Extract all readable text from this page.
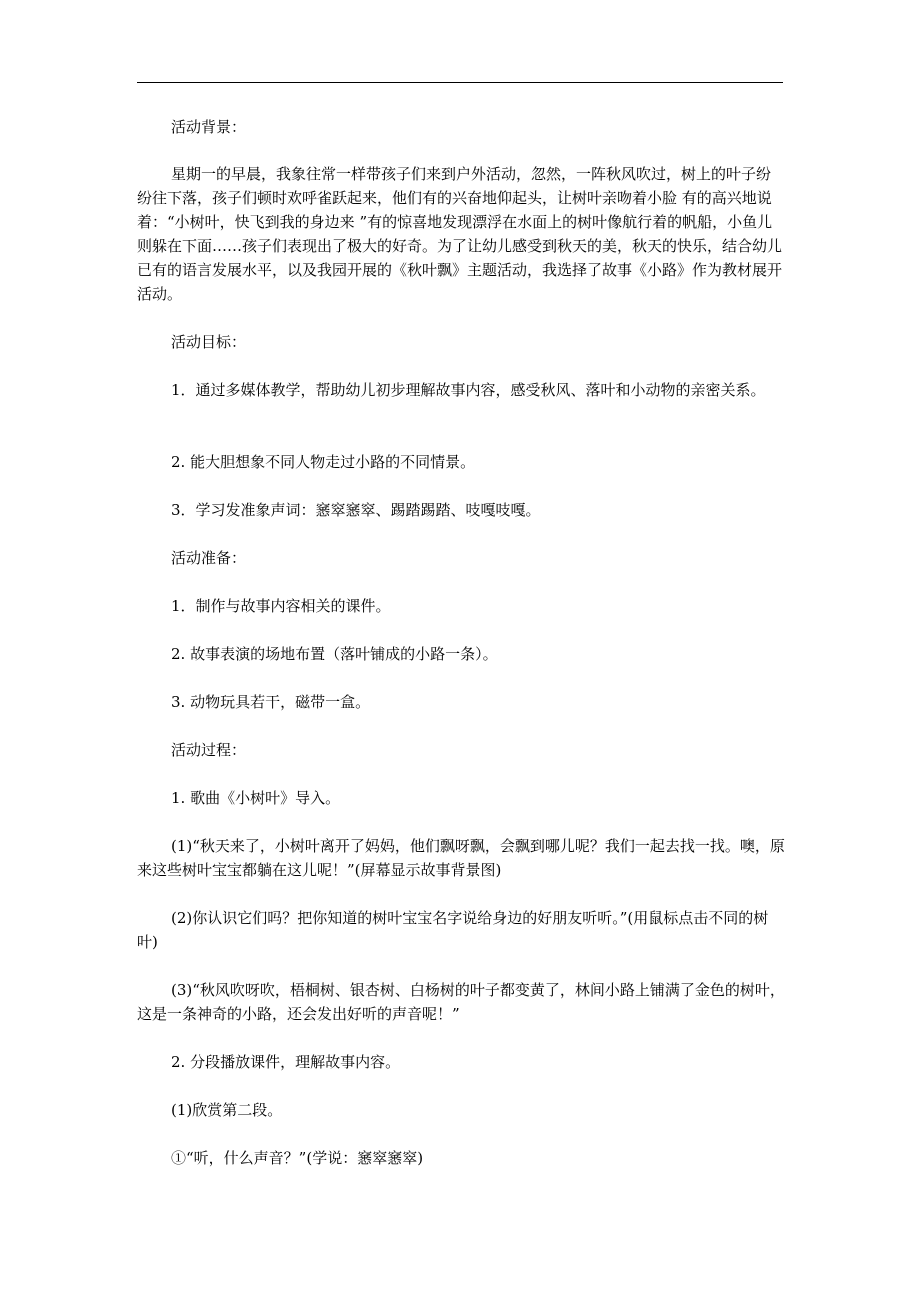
活动背景：

星期一的早晨，我象往常一样带孩子们来到户外活动，忽然，一阵秋风吹过，树上的叶子纷纷往下落，孩子们顿时欢呼雀跃起来，他们有的兴奋地仰起头，让树叶亲吻着小脸 有的高兴地说着：“小树叶，快飞到我的身边来 ”有的惊喜地发现漂浮在水面上的树叶像航行着的帆船，小鱼儿则躲在下面……孩子们表现出了极大的好奇。为了让幼儿感受到秋天的美，秋天的快乐，结合幼儿已有的语言发展水平，以及我园开展的《秋叶飘》主题活动，我选择了故事《小路》作为教材展开活动。

活动目标：

1．通过多媒体教学，帮助幼儿初步理解故事内容，感受秋风、落叶和小动物的亲密关系。

2. 能大胆想象不同人物走过小路的不同情景。

3．学习发准象声词：窸窣窸窣、踢踏踢踏、吱嘎吱嘎。

活动准备：

1．制作与故事内容相关的课件。

2. 故事表演的场地布置（落叶铺成的小路一条）。

3. 动物玩具若干，磁带一盒。

活动过程：

1. 歌曲《小树叶》导入。

(1)“秋天来了，小树叶离开了妈妈，他们飘呀飘，会飘到哪儿呢？我们一起去找一找。噢，原来这些树叶宝宝都躺在这儿呢！”(屏幕显示故事背景图)

(2)你认识它们吗？把你知道的树叶宝宝名字说给身边的好朋友听听。”(用鼠标点击不同的树叶)

(3)“秋风吹呀吹，梧桐树、银杏树、白杨树的叶子都变黄了，林间小路上铺满了金色的树叶，这是一条神奇的小路，还会发出好听的声音呢！”

2. 分段播放课件，理解故事内容。

(1)欣赏第二段。

①“听，什么声音？”(学说：窸窣窸窣)
